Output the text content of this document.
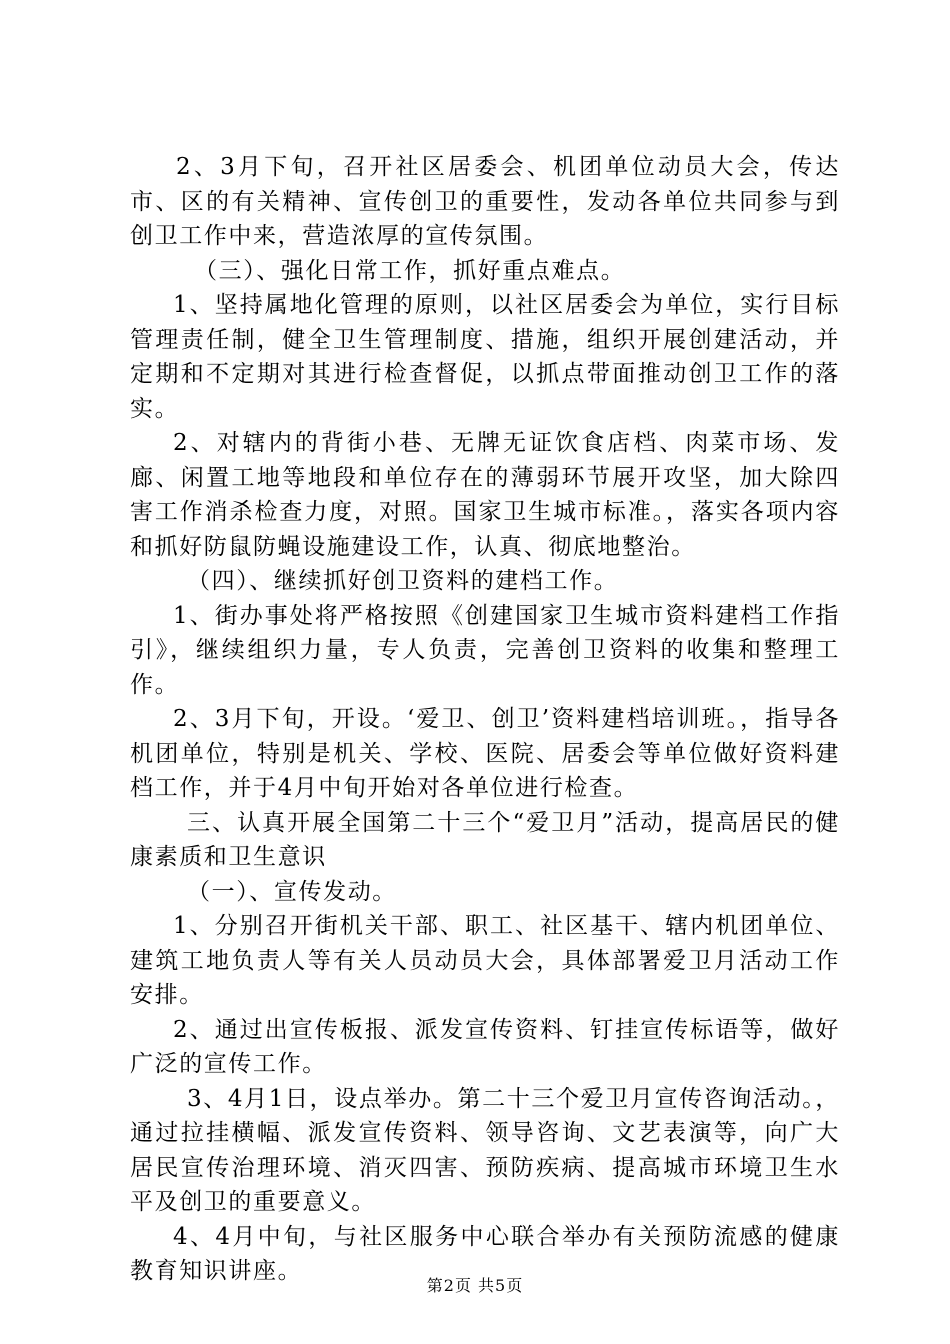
2、3月下旬，召开社区居委会、机团单位动员大会，传达市、区的有关精神、宣传创卫的重要性，发动各单位共同参与到创卫工作中来，营造浓厚的宣传氛围。

（三）、强化日常工作，抓好重点难点。

1、坚持属地化管理的原则，以社区居委会为单位，实行目标管理责任制，健全卫生管理制度、措施，组织开展创建活动，并定期和不定期对其进行检查督促，以抓点带面推动创卫工作的落实。

2、对辖内的背街小巷、无牌无证饮食店档、肉菜市场、发廊、闲置工地等地段和单位存在的薄弱环节展开攻坚，加大除四害工作消杀检查力度，对照。国家卫生城市标准。，落实各项内容和抓好防鼠防蝇设施建设工作，认真、彻底地整治。

（四）、继续抓好创卫资料的建档工作。

1、街办事处将严格按照《创建国家卫生城市资料建档工作指引》，继续组织力量，专人负责，完善创卫资料的收集和整理工作。

2、3月下旬，开设。‘爱卫、创卫’资料建档培训班。，指导各机团单位，特别是机关、学校、医院、居委会等单位做好资料建档工作，并于4月中旬开始对各单位进行检查。

三、认真开展全国第二十三个“爱卫月”活动，提高居民的健康素质和卫生意识

（一）、宣传发动。

1、分别召开街机关干部、职工、社区基干、辖内机团单位、建筑工地负责人等有关人员动员大会，具体部署爱卫月活动工作安排。

2、通过出宣传板报、派发宣传资料、钉挂宣传标语等，做好广泛的宣传工作。

3、4月1日，设点举办。第二十三个爱卫月宣传咨询活动。，通过拉挂横幅、派发宣传资料、领导咨询、文艺表演等，向广大居民宣传治理环境、消灭四害、预防疾病、提高城市环境卫生水平及创卫的重要意义。

4、4月中旬，与社区服务中心联合举办有关预防流感的健康教育知识讲座。

第2页 共5页
